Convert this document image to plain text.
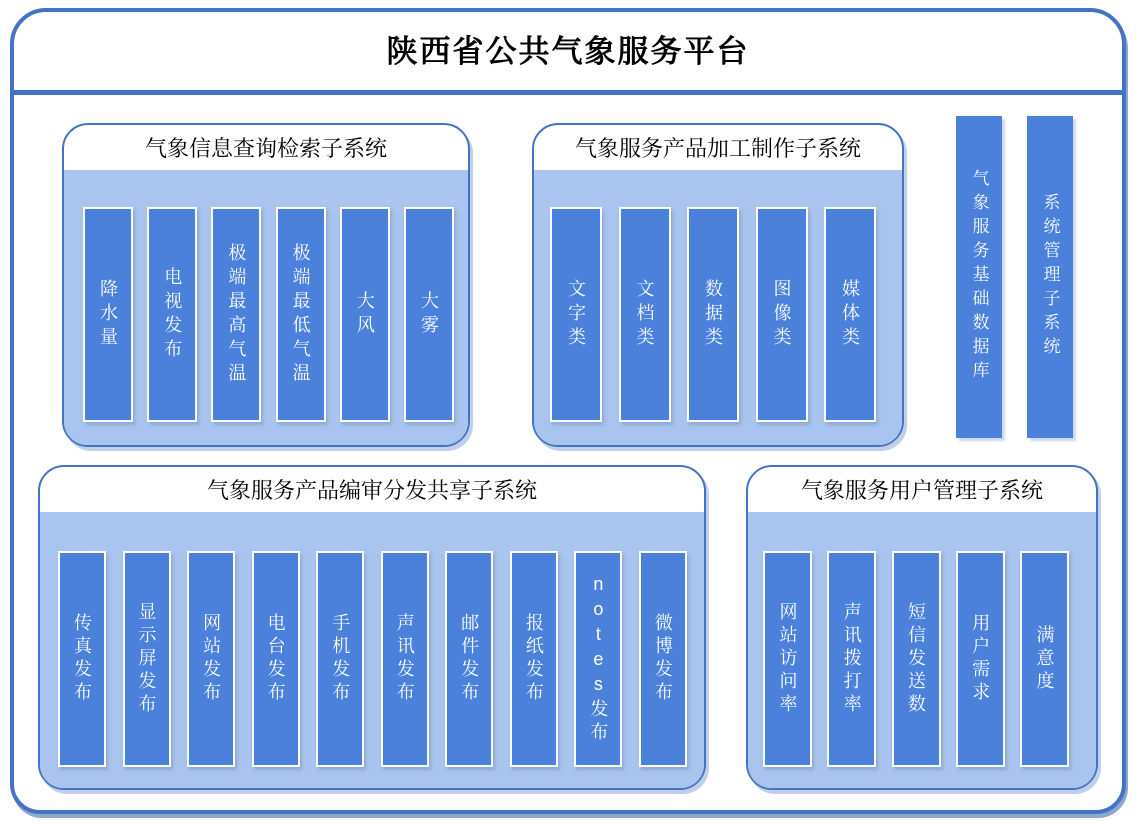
陕西省公共气象服务平台
气象信息查询检索子系统
降水量	电视发布	极端最高气温	极端最低气温	大风	大雾
气象服务产品加工制作子系统
文字类	文档类	数据类	图像类	媒体类
气象服务产品编审分发共享子系统
传真发布	显示屏发布	网站发布	电台发布	手机发布	声讯发布	邮件发布	报纸发布	notes发布	微博发布
气象服务用户管理子系统
网站访问率	声讯拨打率	短信发送数	用户需求	满意度
气象服务基础数据库	系统管理子系统
